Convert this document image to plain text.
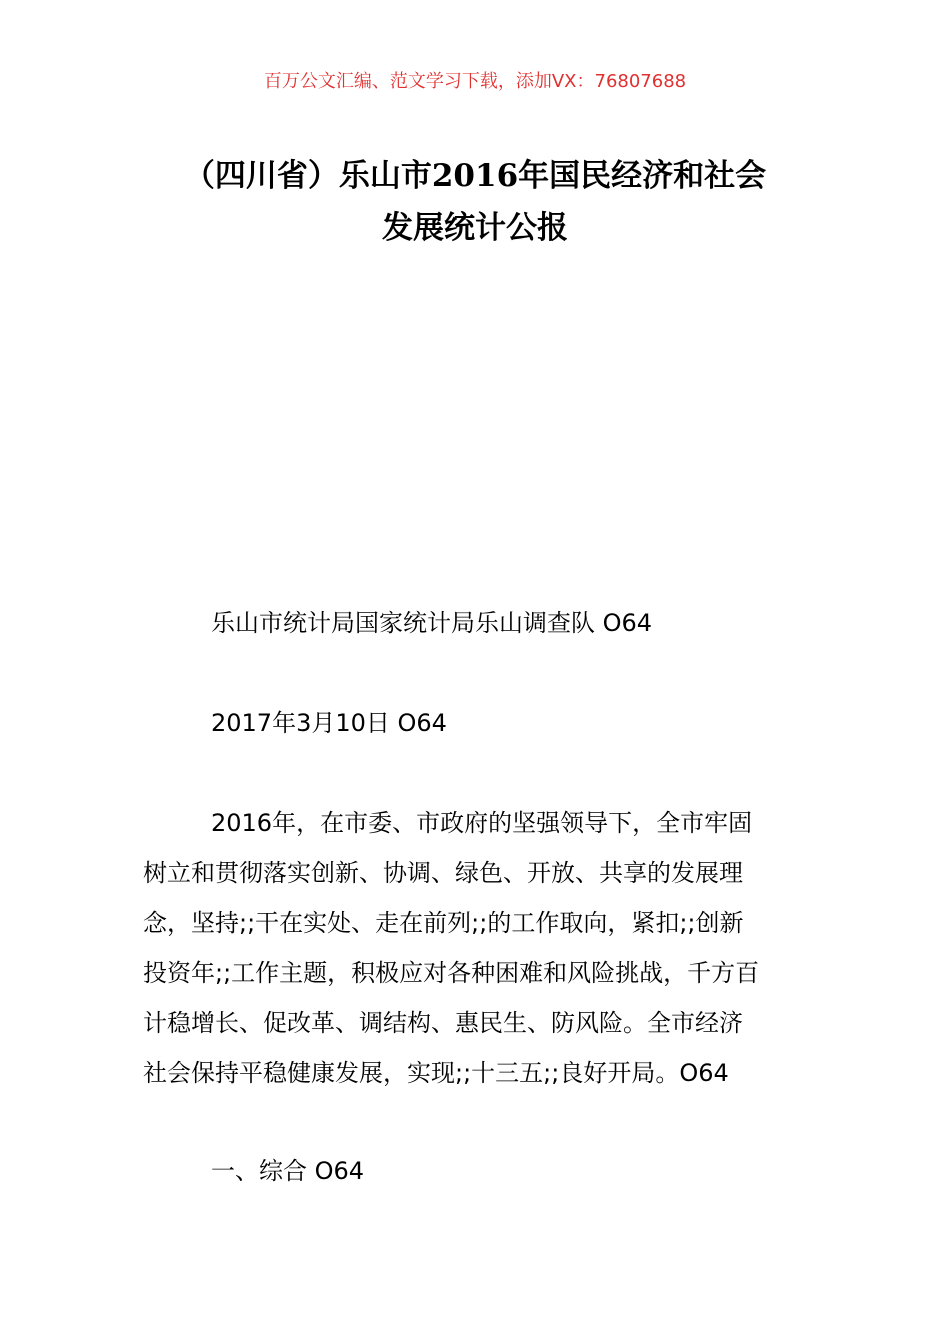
百万公文汇编、范文学习下载，添加VX：76807688
（四川省）乐山市2016年国民经济和社会
发展统计公报

乐山市统计局国家统计局乐山调查队 O64

2017年3月10日 O64

2016年，在市委、市政府的坚强领导下，全市牢固
树立和贯彻落实创新、协调、绿色、开放、共享的发展理
念，坚持;;干在实处、走在前列;;的工作取向，紧扣;;创新
投资年;;工作主题，积极应对各种困难和风险挑战，千方百
计稳增长、促改革、调结构、惠民生、防风险。全市经济
社会保持平稳健康发展，实现;;十三五;;良好开局。O64

一、综合 O64
